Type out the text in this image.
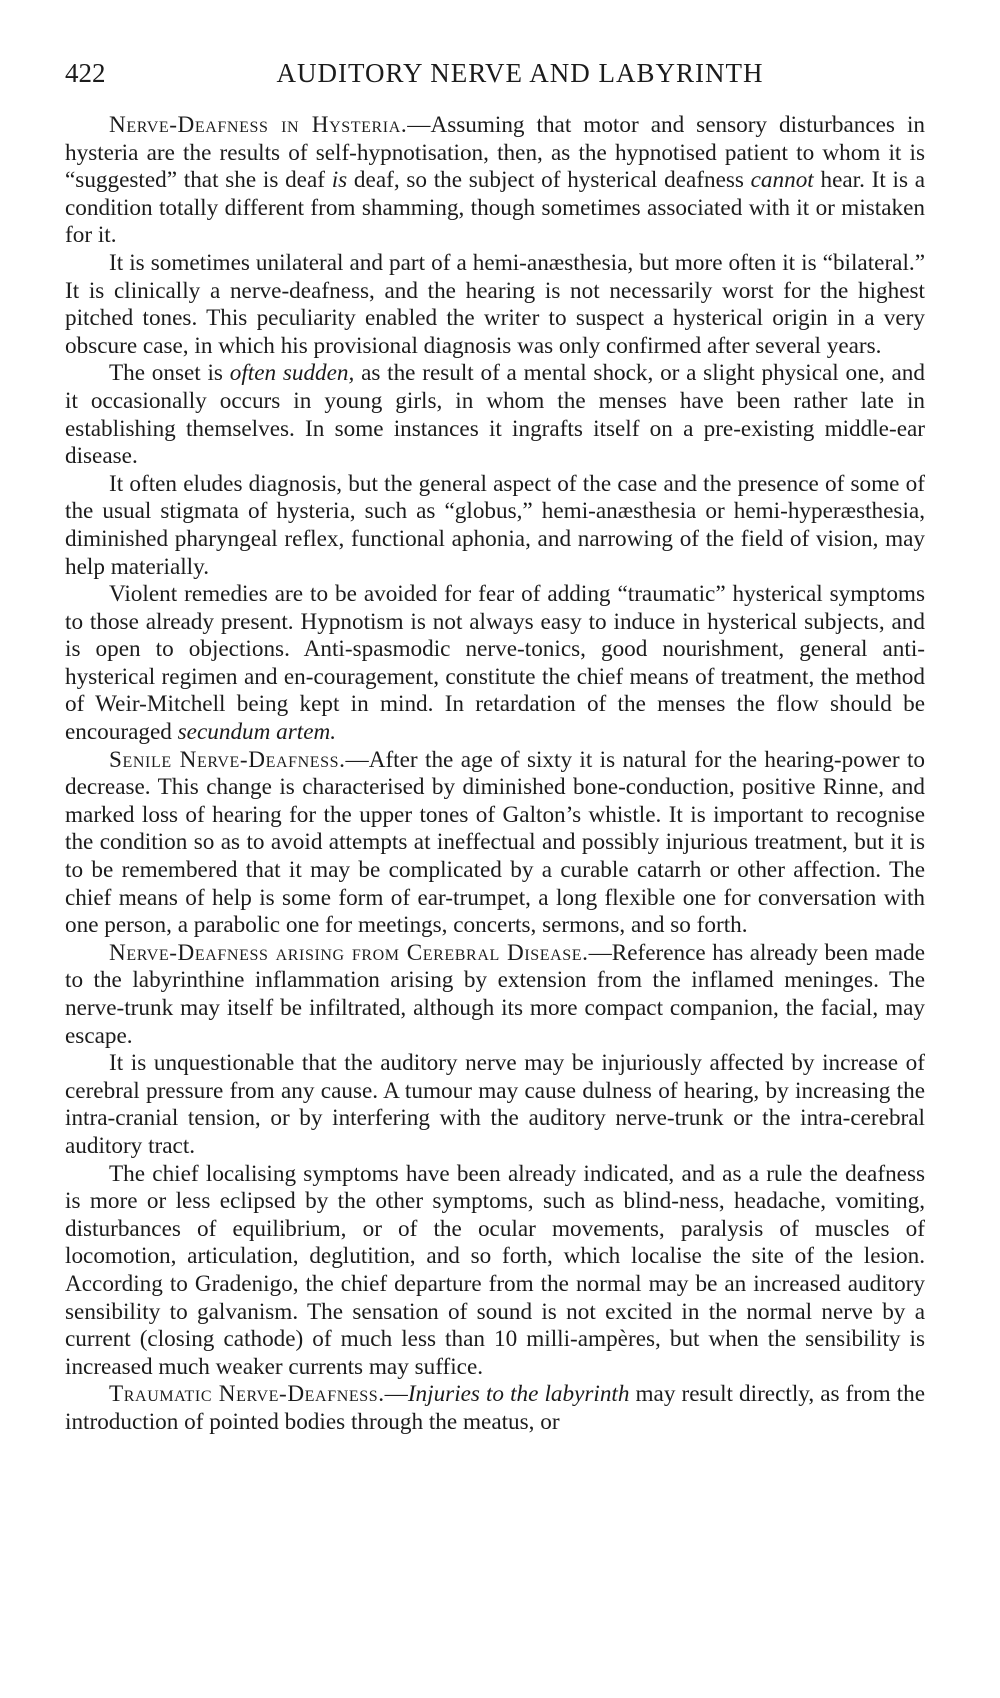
422	AUDITORY NERVE AND LABYRINTH

Nerve-Deafness in Hysteria.—Assuming that motor and sensory disturbances in hysteria are the results of self-hypnotisation, then, as the hypnotised patient to whom it is “suggested” that she is deaf is deaf, so the subject of hysterical deafness cannot hear. It is a condition totally different from shamming, though sometimes associated with it or mistaken for it.

It is sometimes unilateral and part of a hemi-anæsthesia, but more often it is “bilateral.” It is clinically a nerve-deafness, and the hearing is not necessarily worst for the highest pitched tones. This peculiarity enabled the writer to suspect a hysterical origin in a very obscure case, in which his provisional diagnosis was only confirmed after several years.

The onset is often sudden, as the result of a mental shock, or a slight physical one, and it occasionally occurs in young girls, in whom the menses have been rather late in establishing themselves. In some instances it ingrafts itself on a pre-existing middle-ear disease.

It often eludes diagnosis, but the general aspect of the case and the presence of some of the usual stigmata of hysteria, such as “globus,” hemi-anæsthesia or hemi-hyperæsthesia, diminished pharyngeal reflex, functional aphonia, and narrowing of the field of vision, may help materially.

Violent remedies are to be avoided for fear of adding “traumatic” hysterical symptoms to those already present. Hypnotism is not always easy to induce in hysterical subjects, and is open to objections. Anti-spasmodic nerve-tonics, good nourishment, general anti-hysterical regimen and en-couragement, constitute the chief means of treatment, the method of Weir-Mitchell being kept in mind. In retardation of the menses the flow should be encouraged secundum artem.

Senile Nerve-Deafness.—After the age of sixty it is natural for the hearing-power to decrease. This change is characterised by diminished bone-conduction, positive Rinne, and marked loss of hearing for the upper tones of Galton’s whistle. It is important to recognise the condition so as to avoid attempts at ineffectual and possibly injurious treatment, but it is to be remembered that it may be complicated by a curable catarrh or other affection. The chief means of help is some form of ear-trumpet, a long flexible one for conversation with one person, a parabolic one for meetings, concerts, sermons, and so forth.

Nerve-Deafness arising from Cerebral Disease.—Reference has already been made to the labyrinthine inflammation arising by extension from the inflamed meninges. The nerve-trunk may itself be infiltrated, although its more compact companion, the facial, may escape.

It is unquestionable that the auditory nerve may be injuriously affected by increase of cerebral pressure from any cause. A tumour may cause dulness of hearing, by increasing the intra-cranial tension, or by interfering with the auditory nerve-trunk or the intra-cerebral auditory tract.

The chief localising symptoms have been already indicated, and as a rule the deafness is more or less eclipsed by the other symptoms, such as blind-ness, headache, vomiting, disturbances of equilibrium, or of the ocular movements, paralysis of muscles of locomotion, articulation, deglutition, and so forth, which localise the site of the lesion. According to Gradenigo, the chief departure from the normal may be an increased auditory sensibility to galvanism. The sensation of sound is not excited in the normal nerve by a current (closing cathode) of much less than 10 milli-ampères, but when the sensibility is increased much weaker currents may suffice.

Traumatic Nerve-Deafness.—Injuries to the labyrinth may result directly, as from the introduction of pointed bodies through the meatus, or
